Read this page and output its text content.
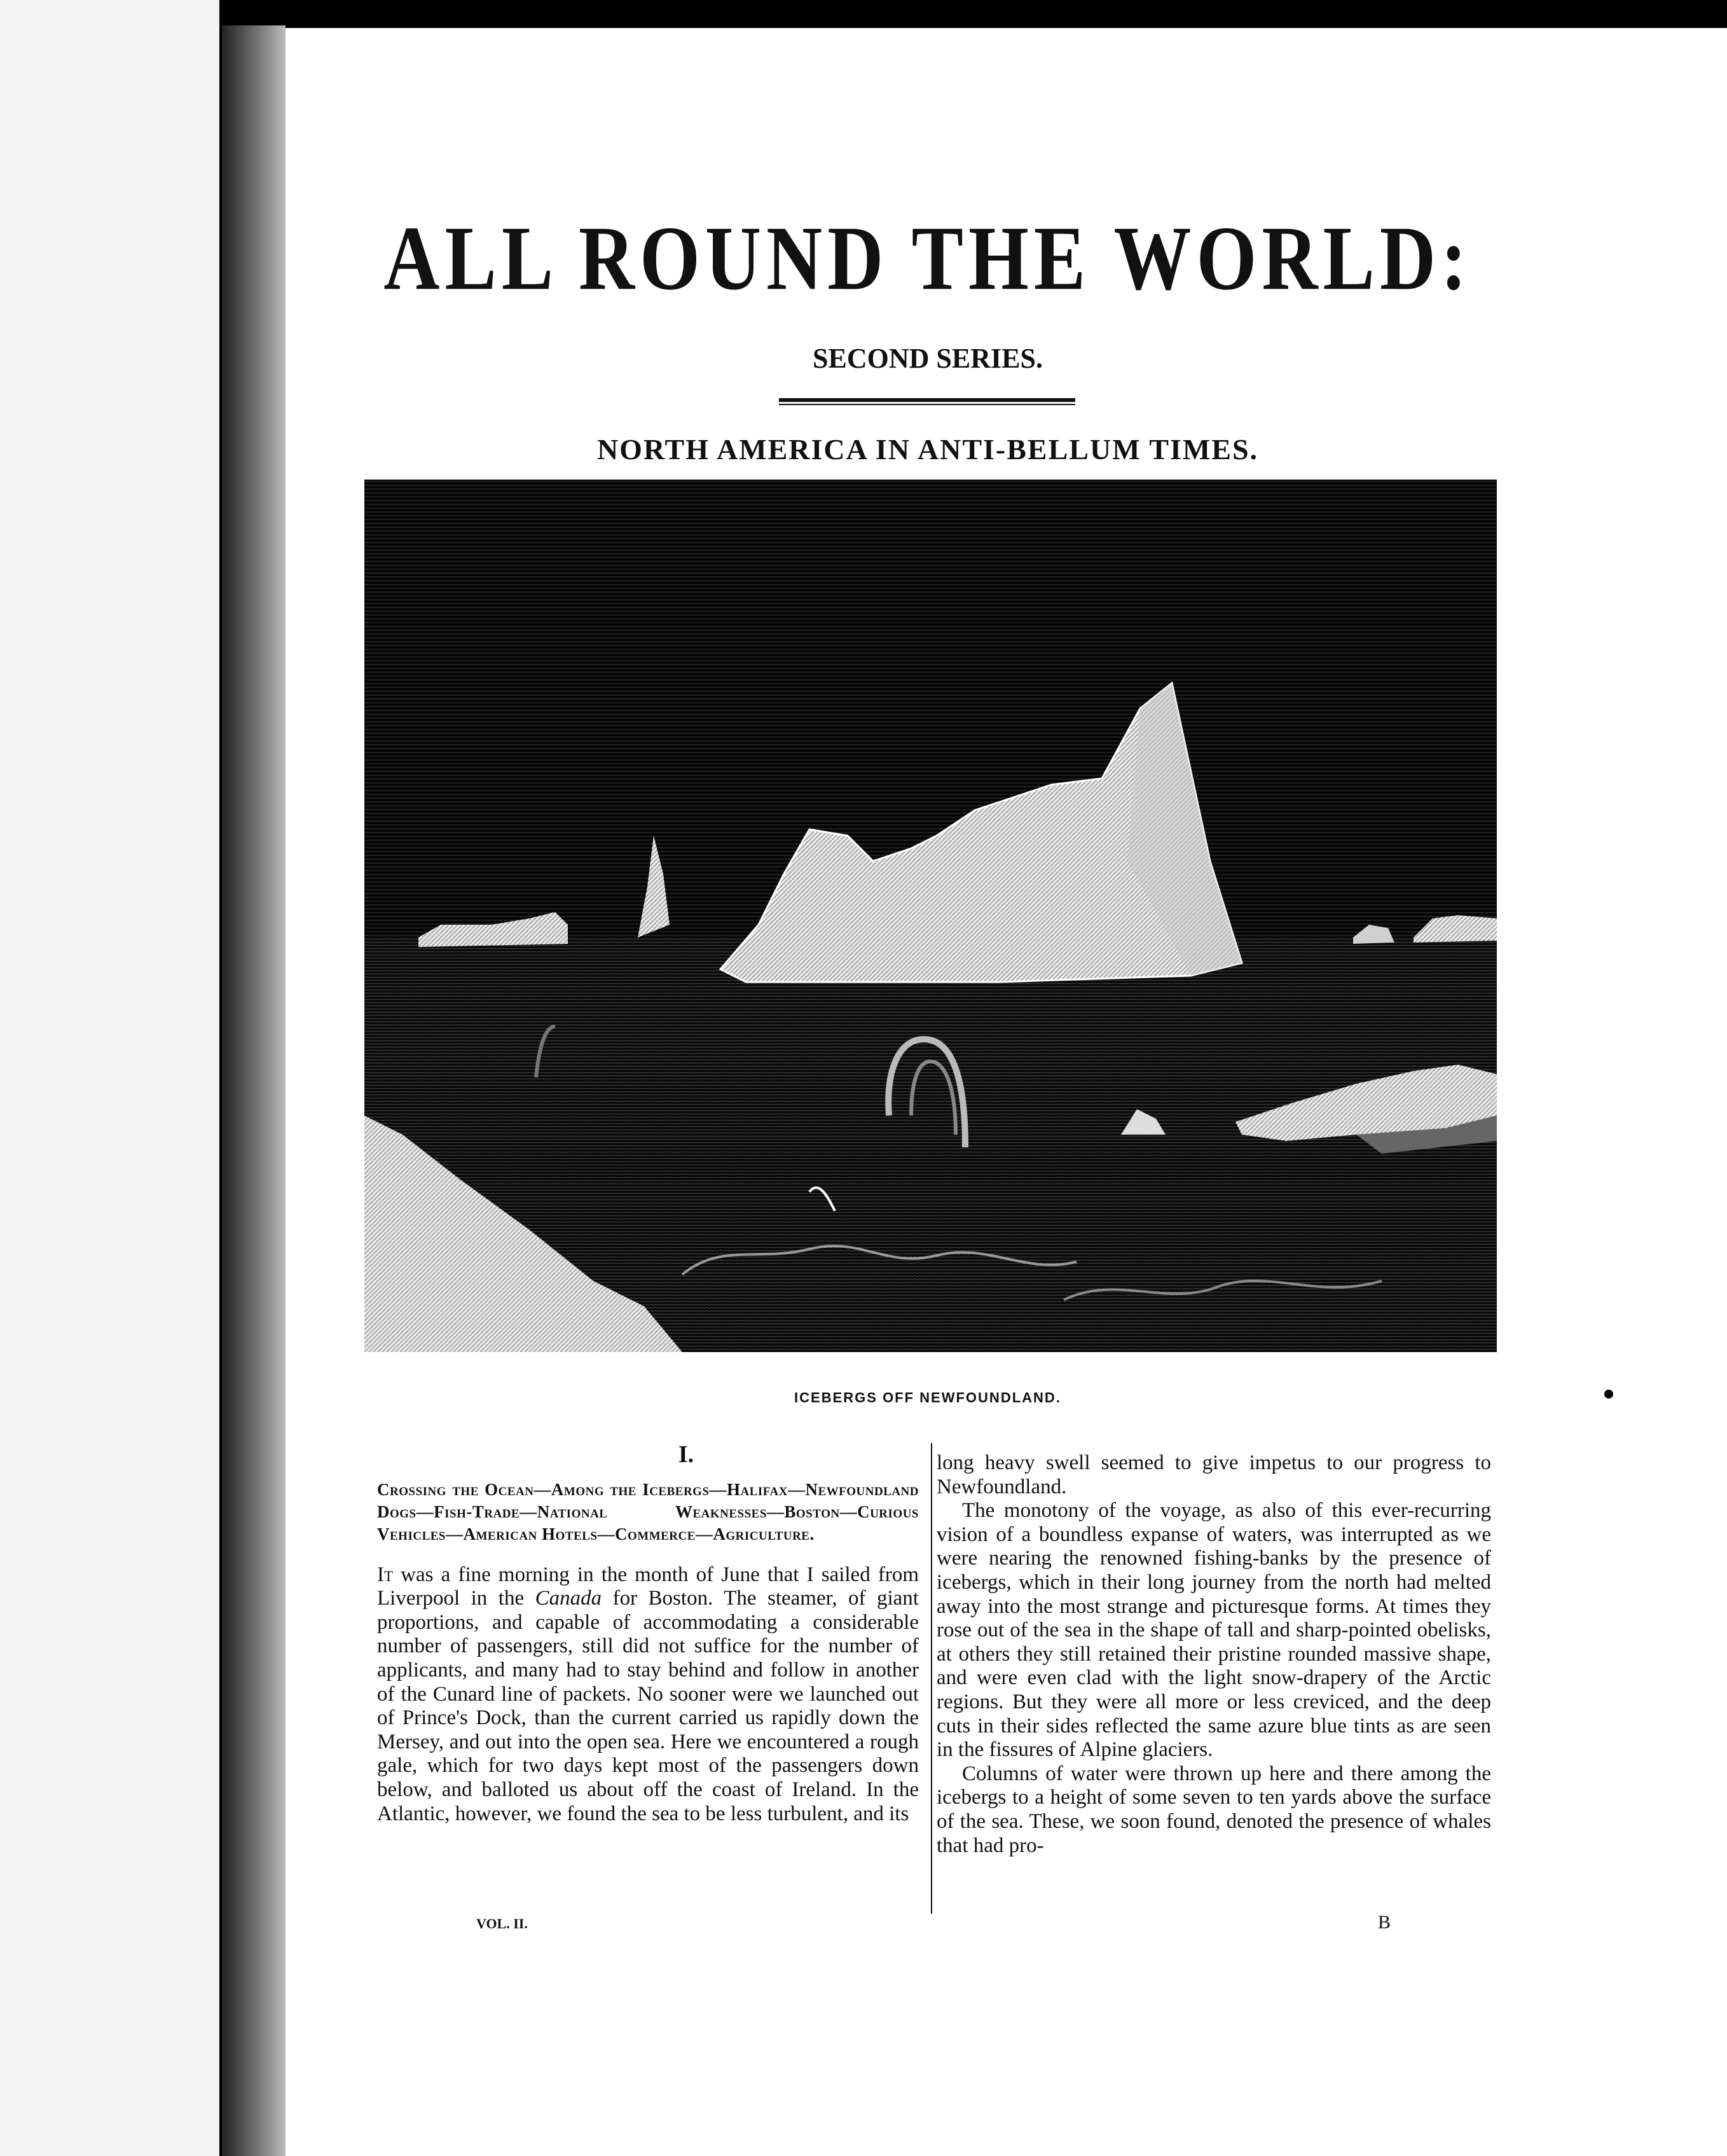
ALL ROUND THE WORLD:
SECOND SERIES.
NORTH AMERICA IN ANTI-BELLUM TIMES.
ICEBERGS OFF NEWFOUNDLAND.
I.
Crossing the Ocean—Among the Icebergs—Halifax—Newfoundland Dogs—Fish-Trade—National Weaknesses—Boston—Curious Vehicles—American Hotels—Commerce—Agriculture.

It was a fine morning in the month of June that I sailed from Liverpool in the Canada for Boston. The steamer, of giant proportions, and capable of accommodating a considerable number of passengers, still did not suffice for the number of applicants, and many had to stay behind and follow in another of the Cunard line of packets. No sooner were we launched out of Prince's Dock, than the current carried us rapidly down the Mersey, and out into the open sea. Here we encountered a rough gale, which for two days kept most of the passengers down below, and balloted us about off the coast of Ireland. In the Atlantic, however, we found the sea to be less turbulent, and its

long heavy swell seemed to give impetus to our progress to Newfoundland.

The monotony of the voyage, as also of this ever-recurring vision of a boundless expanse of waters, was interrupted as we were nearing the renowned fishing-banks by the presence of icebergs, which in their long journey from the north had melted away into the most strange and picturesque forms. At times they rose out of the sea in the shape of tall and sharp-pointed obelisks, at others they still retained their pristine rounded massive shape, and were even clad with the light snow-drapery of the Arctic regions. But they were all more or less creviced, and the deep cuts in their sides reflected the same azure blue tints as are seen in the fissures of Alpine glaciers.

Columns of water were thrown up here and there among the icebergs to a height of some seven to ten yards above the surface of the sea. These, we soon found, denoted the presence of whales that had pro-

VOL. II.	B
